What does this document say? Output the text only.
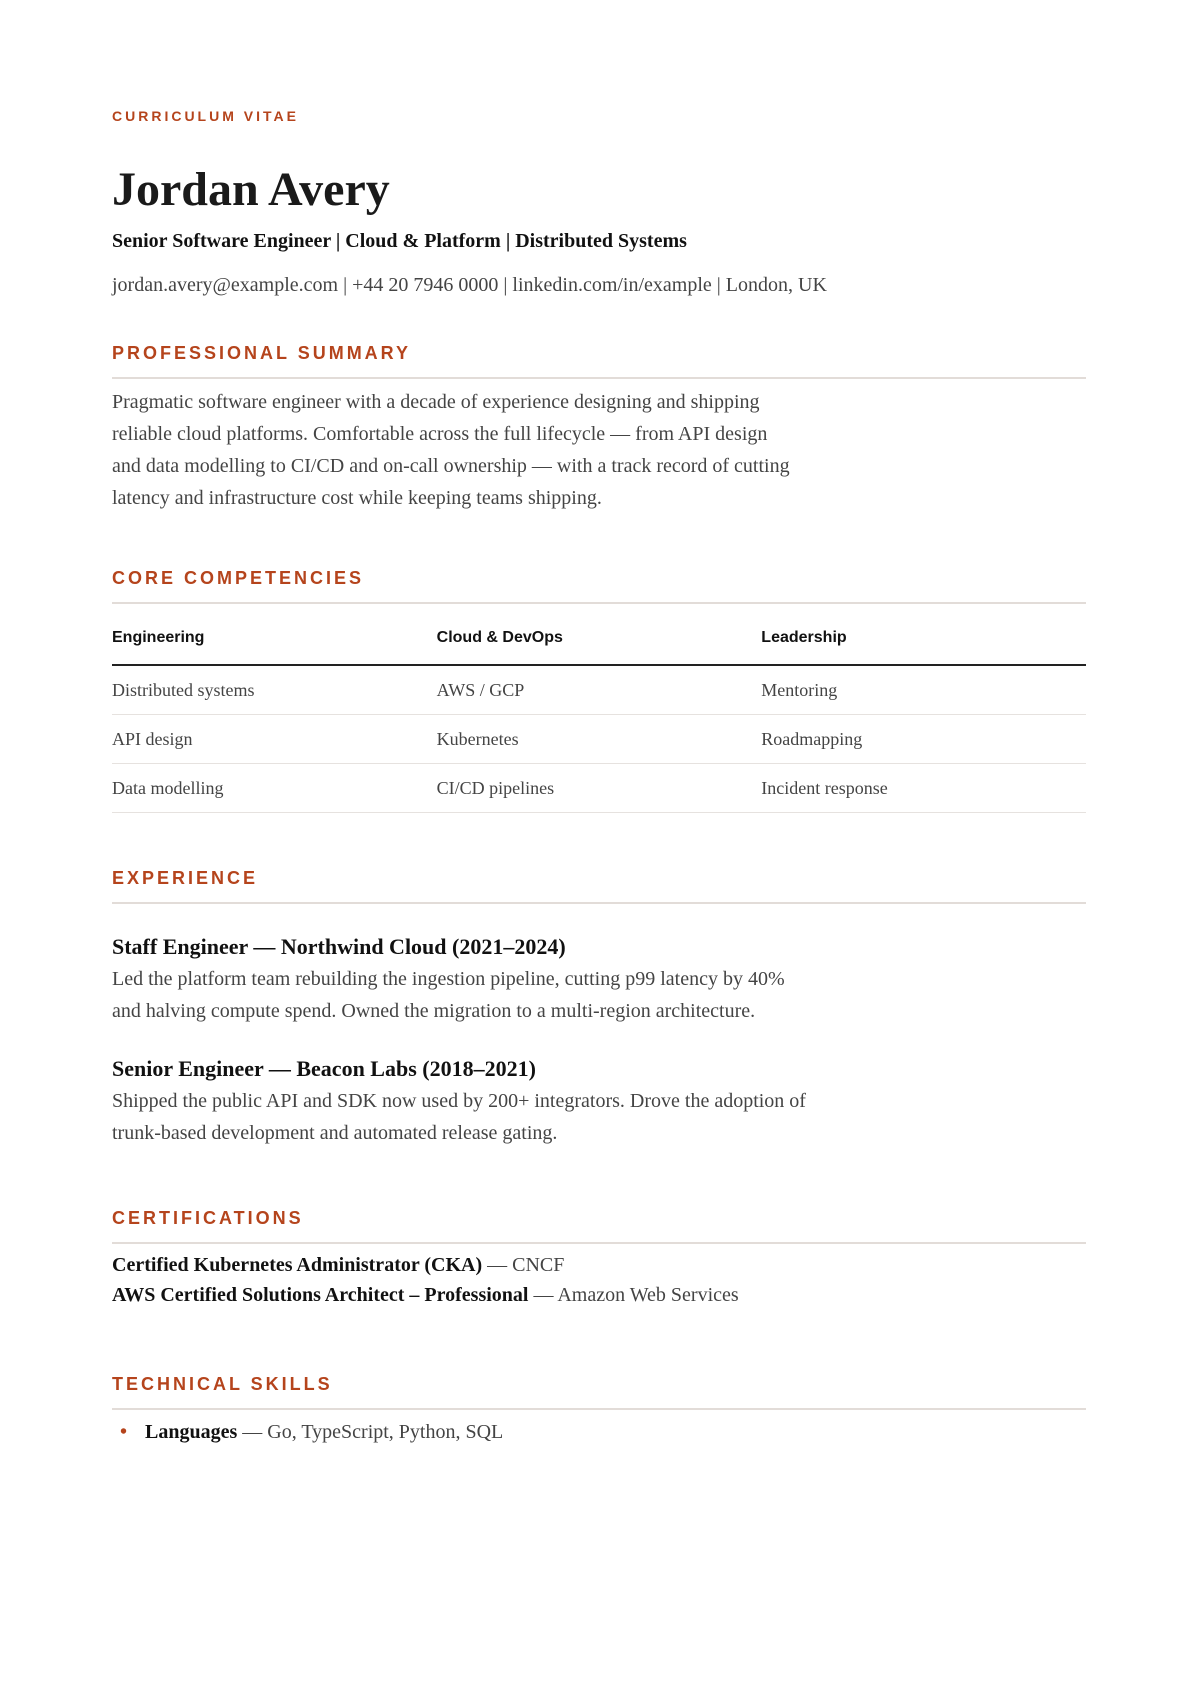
CURRICULUM VITAE
Jordan Avery
Senior Software Engineer | Cloud & Platform | Distributed Systems
jordan.avery@example.com | +44 20 7946 0000 | linkedin.com/in/example | London, UK
PROFESSIONAL SUMMARY
Pragmatic software engineer with a decade of experience designing and shipping
reliable cloud platforms. Comfortable across the full lifecycle — from API design
and data modelling to CI/CD and on-call ownership — with a track record of cutting
latency and infrastructure cost while keeping teams shipping.
CORE COMPETENCIES
Engineering	Cloud & DevOps	Leadership
Distributed systems	AWS / GCP	Mentoring
API design	Kubernetes	Roadmapping
Data modelling	CI/CD pipelines	Incident response
EXPERIENCE
Staff Engineer — Northwind Cloud (2021–2024)
Led the platform team rebuilding the ingestion pipeline, cutting p99 latency by 40%
and halving compute spend. Owned the migration to a multi-region architecture.
Senior Engineer — Beacon Labs (2018–2021)
Shipped the public API and SDK now used by 200+ integrators. Drove the adoption of
trunk-based development and automated release gating.
CERTIFICATIONS
Certified Kubernetes Administrator (CKA) — CNCF
AWS Certified Solutions Architect – Professional — Amazon Web Services
TECHNICAL SKILLS
• Languages — Go, TypeScript, Python, SQL
